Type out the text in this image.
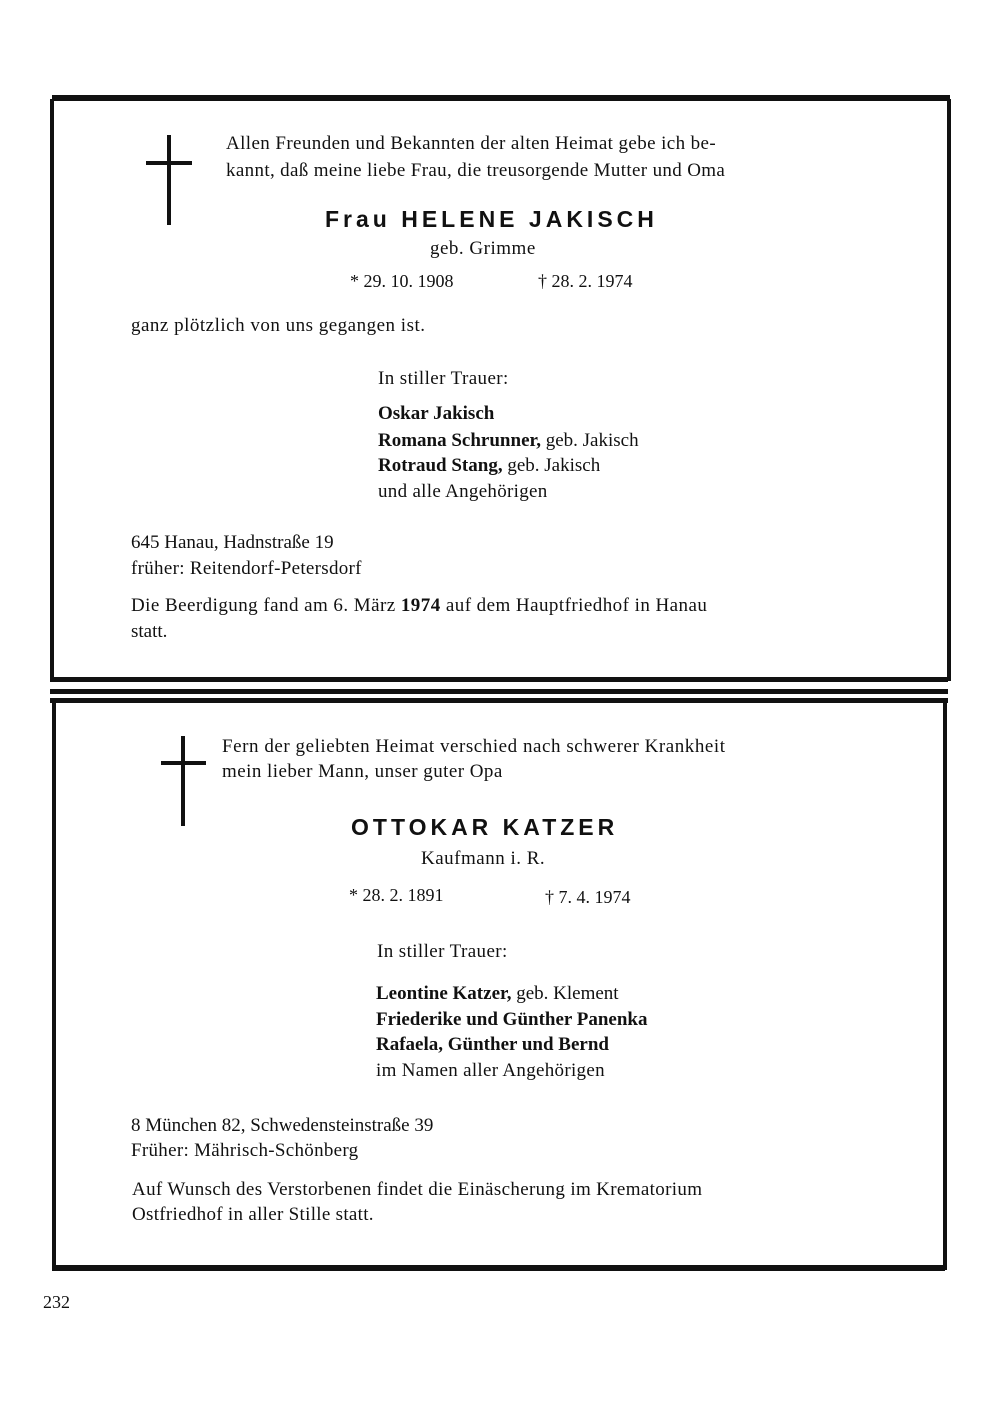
Allen Freunden und Bekannten der alten Heimat gebe ich be-
kannt, daß meine liebe Frau, die treusorgende Mutter und Oma
Frau HELENE JAKISCH
geb. Grimme
* 29. 10. 1908	† 28. 2. 1974
ganz plötzlich von uns gegangen ist.
In stiller Trauer:
Oskar Jakisch
Romana Schrunner, geb. Jakisch
Rotraud Stang, geb. Jakisch
und alle Angehörigen
645 Hanau, Hadnstraße 19
früher: Reitendorf-Petersdorf
Die Beerdigung fand am 6. März 1974 auf dem Hauptfriedhof in Hanau
statt.
Fern der geliebten Heimat verschied nach schwerer Krankheit
mein lieber Mann, unser guter Opa
OTTOKAR KATZER
Kaufmann i. R.
* 28. 2. 1891	† 7. 4. 1974
In stiller Trauer:
Leontine Katzer, geb. Klement
Friederike und Günther Panenka
Rafaela, Günther und Bernd
im Namen aller Angehörigen
8 München 82, Schwedensteinstraße 39
Früher: Mährisch-Schönberg
Auf Wunsch des Verstorbenen findet die Einäscherung im Krematorium
Ostfriedhof in aller Stille statt.
232
